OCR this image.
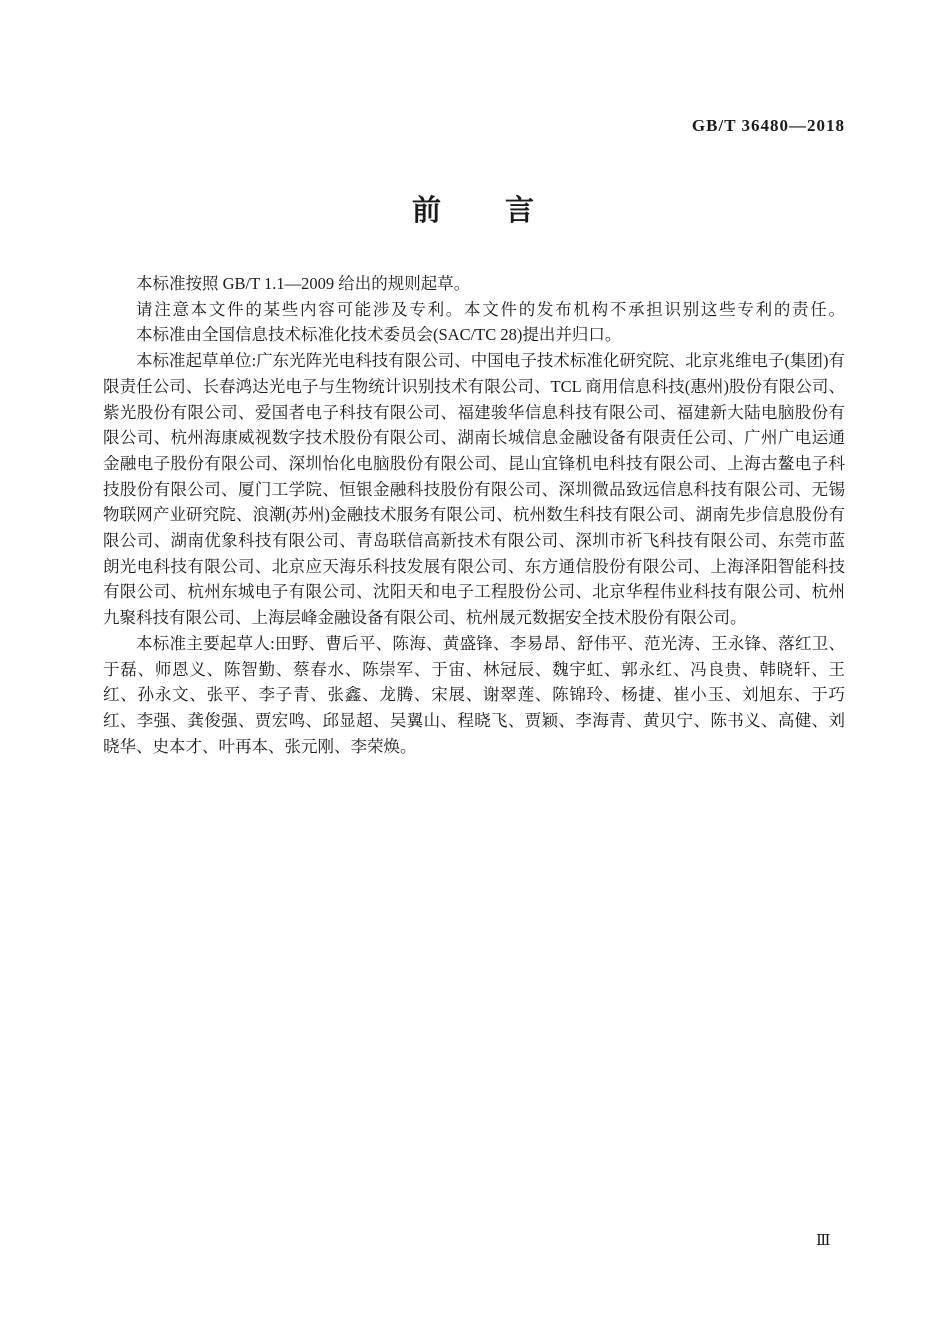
GB/T 36480—2018
前　　言

本标准按照 GB/T 1.1—2009 给出的规则起草。

请注意本文件的某些内容可能涉及专利。本文件的发布机构不承担识别这些专利的责任。

本标准由全国信息技术标准化技术委员会(SAC/TC 28)提出并归口。

本标准起草单位:广东光阵光电科技有限公司、中国电子技术标准化研究院、北京兆维电子(集团)有限责任公司、长春鸿达光电子与生物统计识别技术有限公司、TCL 商用信息科技(惠州)股份有限公司、紫光股份有限公司、爱国者电子科技有限公司、福建骏华信息科技有限公司、福建新大陆电脑股份有限公司、杭州海康威视数字技术股份有限公司、湖南长城信息金融设备有限责任公司、广州广电运通金融电子股份有限公司、深圳怡化电脑股份有限公司、昆山宜锋机电科技有限公司、上海古鳌电子科技股份有限公司、厦门工学院、恒银金融科技股份有限公司、深圳微品致远信息科技有限公司、无锡物联网产业研究院、浪潮(苏州)金融技术服务有限公司、杭州数生科技有限公司、湖南先步信息股份有限公司、湖南优象科技有限公司、青岛联信高新技术有限公司、深圳市祈飞科技有限公司、东莞市蓝朗光电科技有限公司、北京应天海乐科技发展有限公司、东方通信股份有限公司、上海泽阳智能科技有限公司、杭州东城电子有限公司、沈阳天和电子工程股份公司、北京华程伟业科技有限公司、杭州九聚科技有限公司、上海层峰金融设备有限公司、杭州晟元数据安全技术股份有限公司。

本标准主要起草人:田野、曹后平、陈海、黄盛锋、李易昂、舒伟平、范光涛、王永锋、落红卫、于磊、师恩义、陈智勤、蔡春水、陈崇军、于宙、林冠辰、魏宇虹、郭永红、冯良贵、韩晓轩、王红、孙永文、张平、李子青、张鑫、龙腾、宋展、谢翠莲、陈锦玲、杨捷、崔小玉、刘旭东、于巧红、李强、龚俊强、贾宏鸣、邱显超、吴翼山、程晓飞、贾颖、李海青、黄贝宁、陈书义、高健、刘晓华、史本才、叶再本、张元刚、李荣焕。

Ⅲ
